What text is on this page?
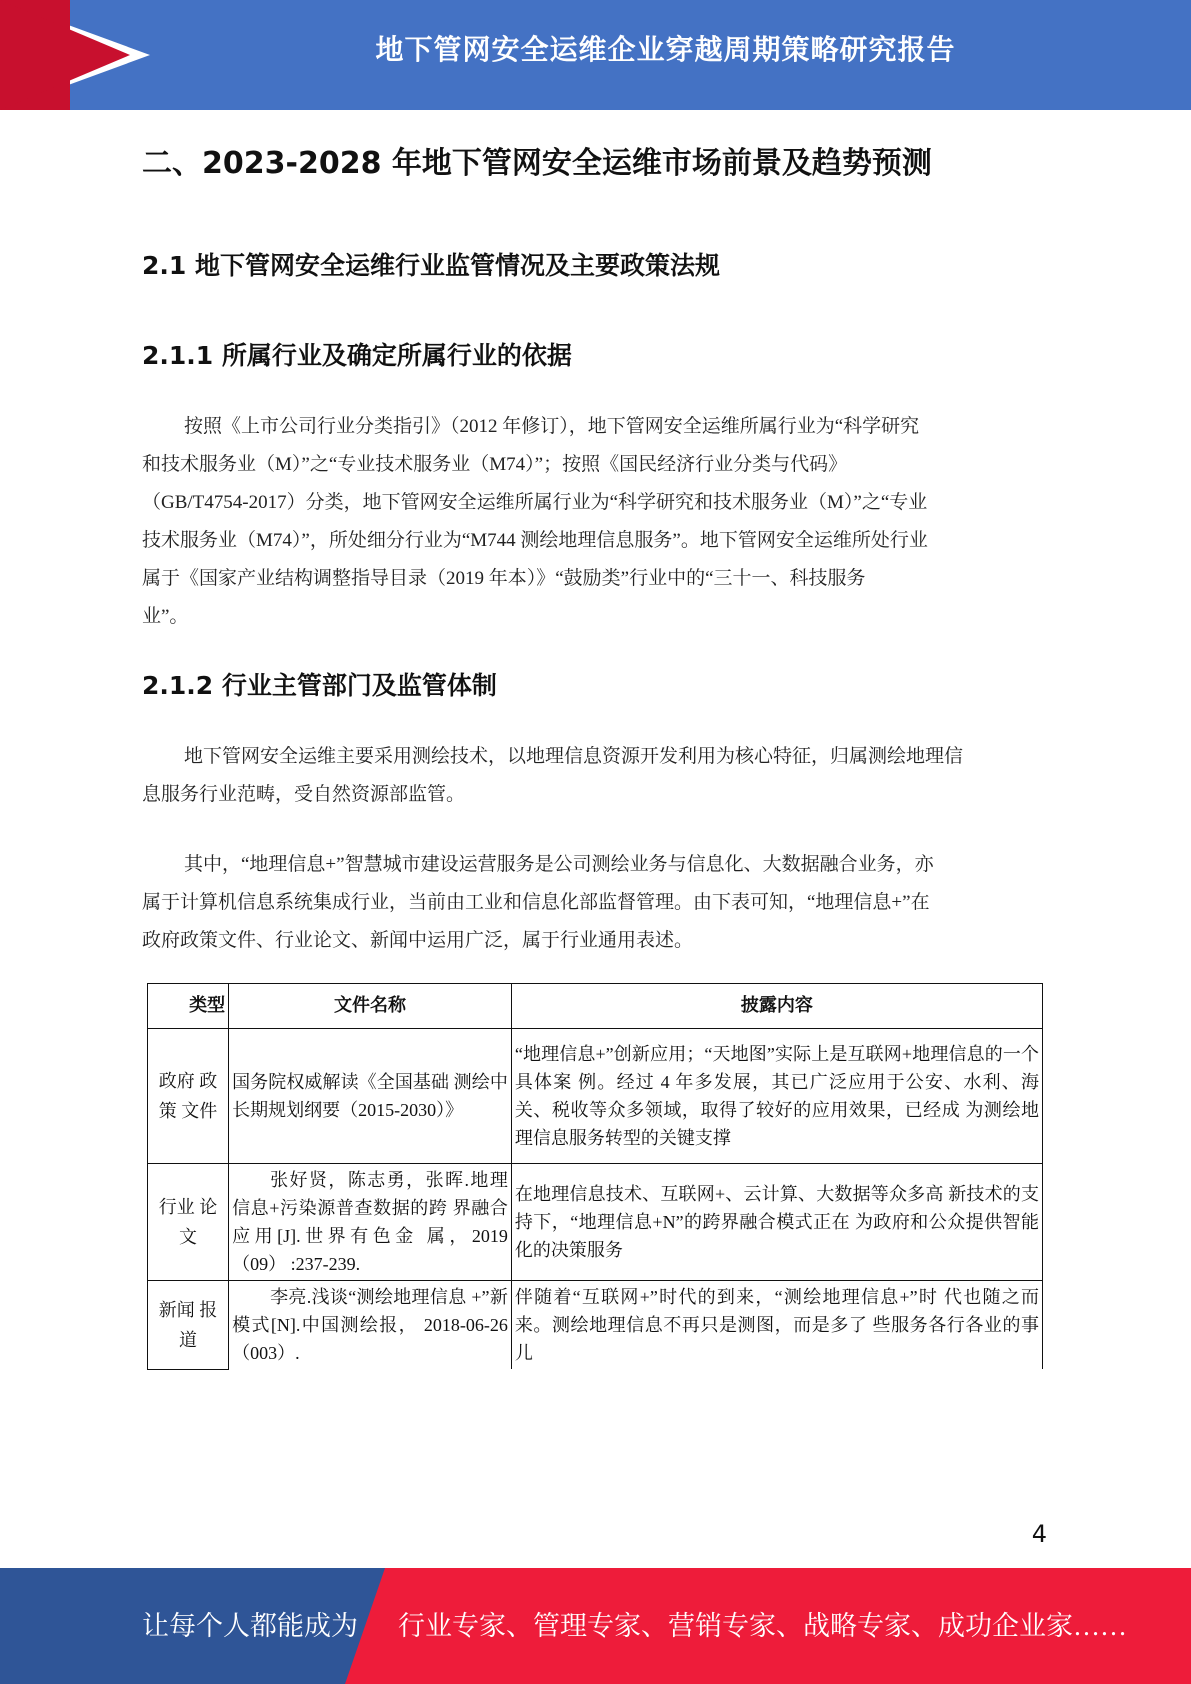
地下管网安全运维企业穿越周期策略研究报告
二、2023-2028 年地下管网安全运维市场前景及趋势预测
2.1 地下管网安全运维行业监管情况及主要政策法规
2.1.1 所属行业及确定所属行业的依据

按照《上市公司行业分类指引》（2012 年修订），地下管网安全运维所属行业为“科学研究
和技术服务业（M）”之“专业技术服务业（M74）”；按照《国民经济行业分类与代码》
（GB/T4754-2017）分类，地下管网安全运维所属行业为“科学研究和技术服务业（M）”之“专业
技术服务业（M74）”，所处细分行业为“M744 测绘地理信息服务”。地下管网安全运维所处行业
属于《国家产业结构调整指导目录（2019 年本）》“鼓励类”行业中的“三十一、科技服务
业”。

2.1.2 行业主管部门及监管体制

地下管网安全运维主要采用测绘技术，以地理信息资源开发利用为核心特征，归属测绘地理信
息服务行业范畴，受自然资源部监管。

其中，“地理信息+”智慧城市建设运营服务是公司测绘业务与信息化、大数据融合业务，亦
属于计算机信息系统集成行业，当前由工业和信息化部监督管理。由下表可知，“地理信息+”在
政府政策文件、行业论文、新闻中运用广泛，属于行业通用表述。

类型	文件名称	披露内容
政府 政 策 文件	国务院权威解读《全国基础 测绘中长期规划纲要（2015-2030）》	“地理信息+”创新应用；“天地图”实际上是互联网+地理信息的一个具体案 例。经过 4 年多发展，其已广泛应用于公安、水利、海 关、税收等众多领域，取得了较好的应用效果，已经成 为测绘地理信息服务转型的关键支撑
行业 论文	张好贤，陈志勇，张晖.地理信息+污染源普查数据的跨 界融合应用[J].世界有色金 属，2019（09） :237-239.	在地理信息技术、互联网+、云计算、大数据等众多高 新技术的支持下，“地理信息+N”的跨界融合模式正在 为政府和公众提供智能化的决策服务
新闻 报道	李亮.浅谈“测绘地理信息 +”新模式[N].中国测绘报， 2018-06-26 （003）.	伴随着“互联网+”时代的到来，“测绘地理信息+”时 代也随之而来。测绘地理信息不再只是测图，而是多了 些服务各行各业的事儿
4
让每个人都能成为 行业专家、管理专家、营销专家、战略专家、成功企业家……
